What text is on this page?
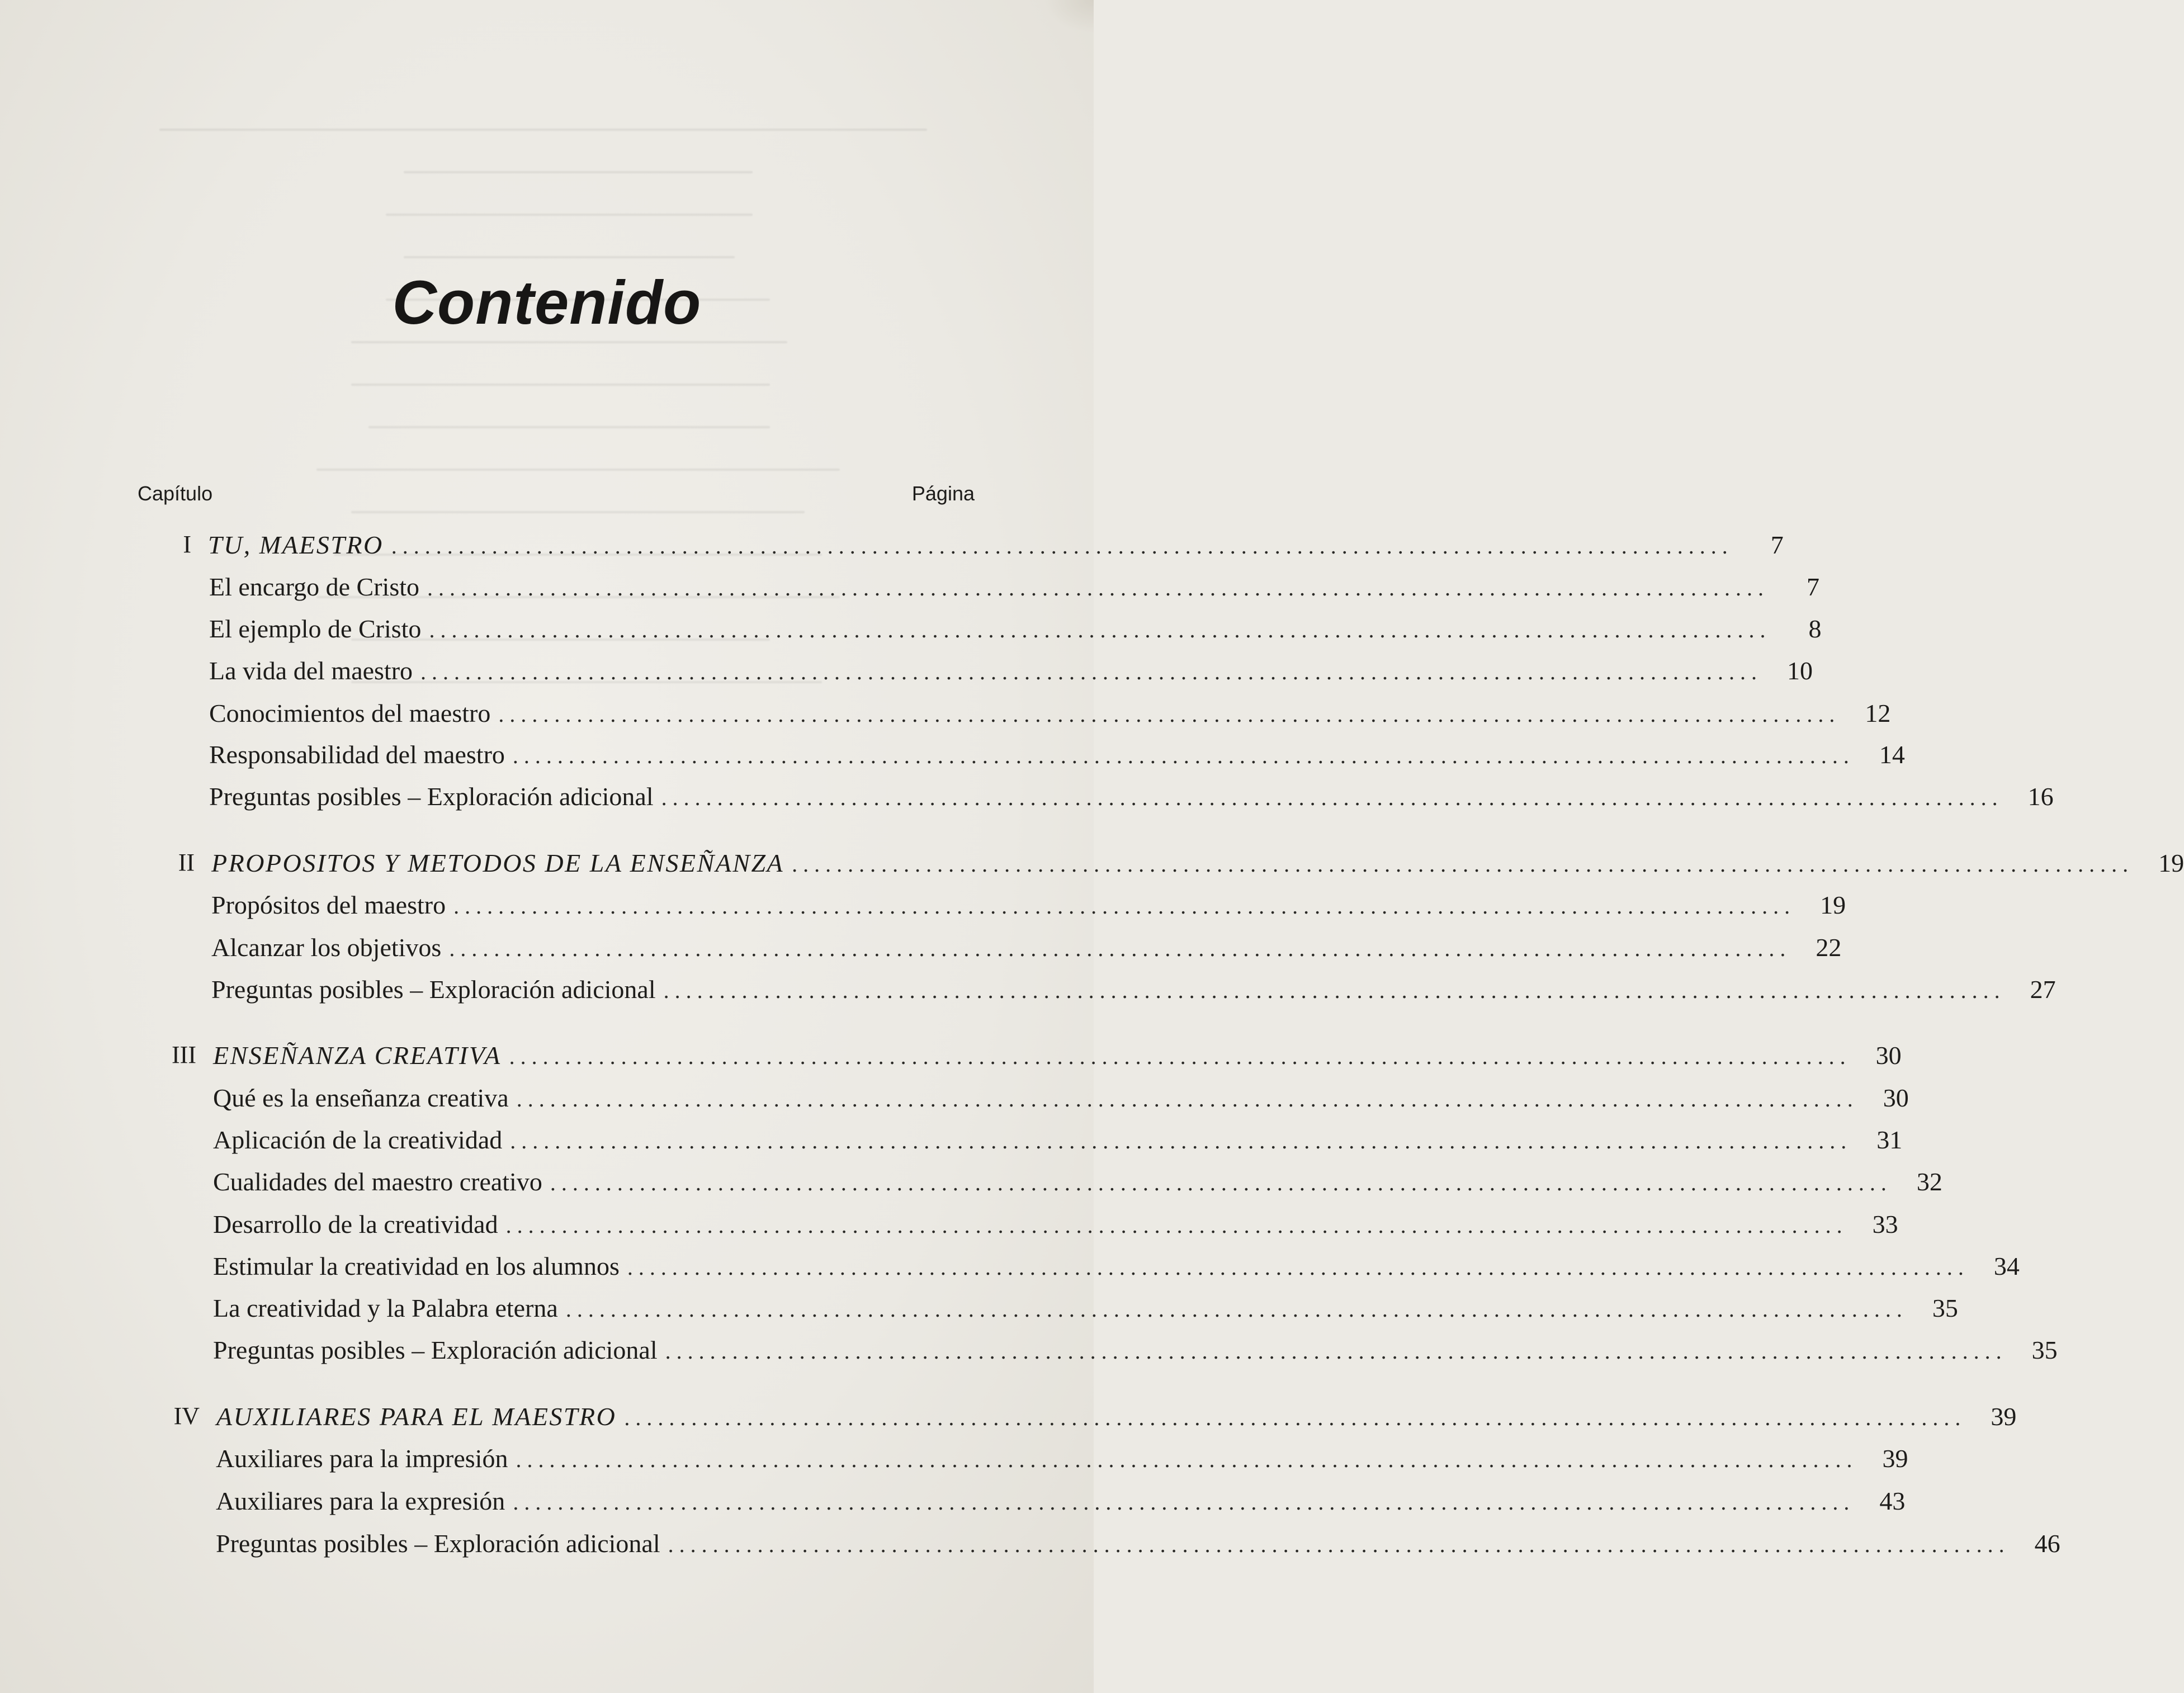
Contenido
Capítulo	Página
I TU, MAESTRO ........................................................................................................................	7
El encargo de Cristo ........................................................................................................................	7
El ejemplo de Cristo ........................................................................................................................	8
La vida del maestro ........................................................................................................................ 10
Conocimientos del maestro ........................................................................................................................ 12
Responsabilidad del maestro ........................................................................................................................ 14
Preguntas posibles – Exploración adicional ........................................................................................................................ 16
II PROPOSITOS Y METODOS DE LA ENSEÑANZA ........................................................................................................................ 19
Propósitos del maestro ........................................................................................................................ 19
Alcanzar los objetivos ........................................................................................................................ 22
Preguntas posibles – Exploración adicional ........................................................................................................................ 27
III ENSEÑANZA CREATIVA ........................................................................................................................ 30
Qué es la enseñanza creativa ........................................................................................................................ 30
Aplicación de la creatividad ........................................................................................................................ 31
Cualidades del maestro creativo ........................................................................................................................ 32
Desarrollo de la creatividad ........................................................................................................................ 33
Estimular la creatividad en los alumnos ........................................................................................................................ 34
La creatividad y la Palabra eterna ........................................................................................................................ 35
Preguntas posibles – Exploración adicional ........................................................................................................................ 35
IV AUXILIARES PARA EL MAESTRO ........................................................................................................................ 39
Auxiliares para la impresión ........................................................................................................................ 39
Auxiliares para la expresión ........................................................................................................................ 43
Preguntas posibles – Exploración adicional ........................................................................................................................ 46
